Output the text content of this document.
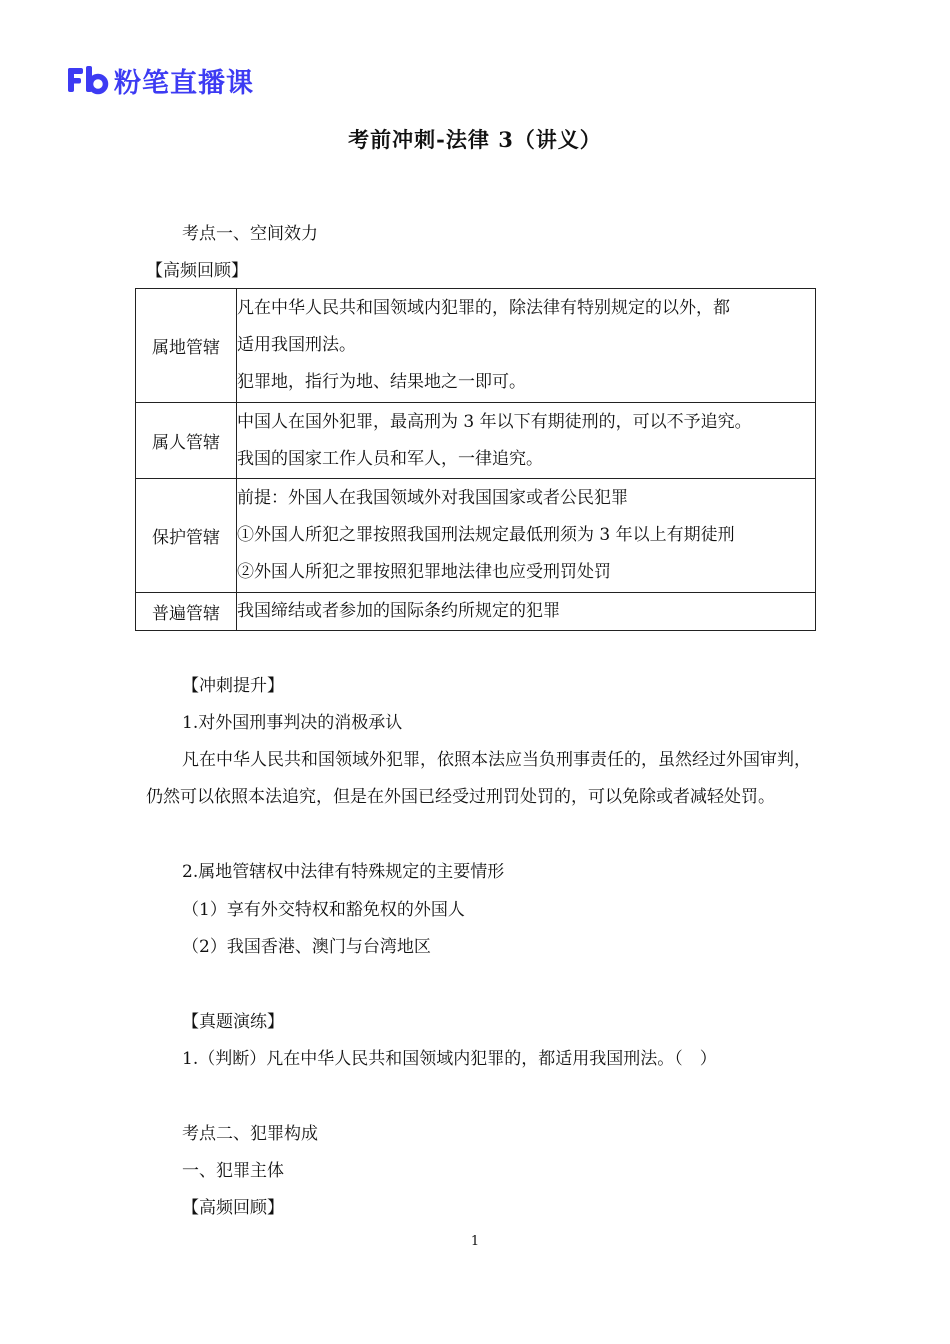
粉笔直播课
考前冲刺-法律 3（讲义）
考点一、空间效力
【高频回顾】
属地管辖	凡在中华人民共和国领域内犯罪的，除法律有特别规定的以外，都
适用我国刑法。
犯罪地，指行为地、结果地之一即可。

属人管辖	中国人在国外犯罪，最高刑为 3 年以下有期徒刑的，可以不予追究。
我国的国家工作人员和军人，一律追究。

保护管辖	前提：外国人在我国领域外对我国国家或者公民犯罪
①外国人所犯之罪按照我国刑法规定最低刑须为 3 年以上有期徒刑
②外国人所犯之罪按照犯罪地法律也应受刑罚处罚

普遍管辖	我国缔结或者参加的国际条约所规定的犯罪
【冲刺提升】
1.对外国刑事判决的消极承认
凡在中华人民共和国领域外犯罪，依照本法应当负刑事责任的，虽然经过外国审判，仍然可以依照本法追究，但是在外国已经受过刑罚处罚的，可以免除或者减轻处罚。
2.属地管辖权中法律有特殊规定的主要情形
（1）享有外交特权和豁免权的外国人
（2）我国香港、澳门与台湾地区
【真题演练】
1.（判断）凡在中华人民共和国领域内犯罪的，都适用我国刑法。（　）
考点二、犯罪构成
一、犯罪主体
【高频回顾】
1
